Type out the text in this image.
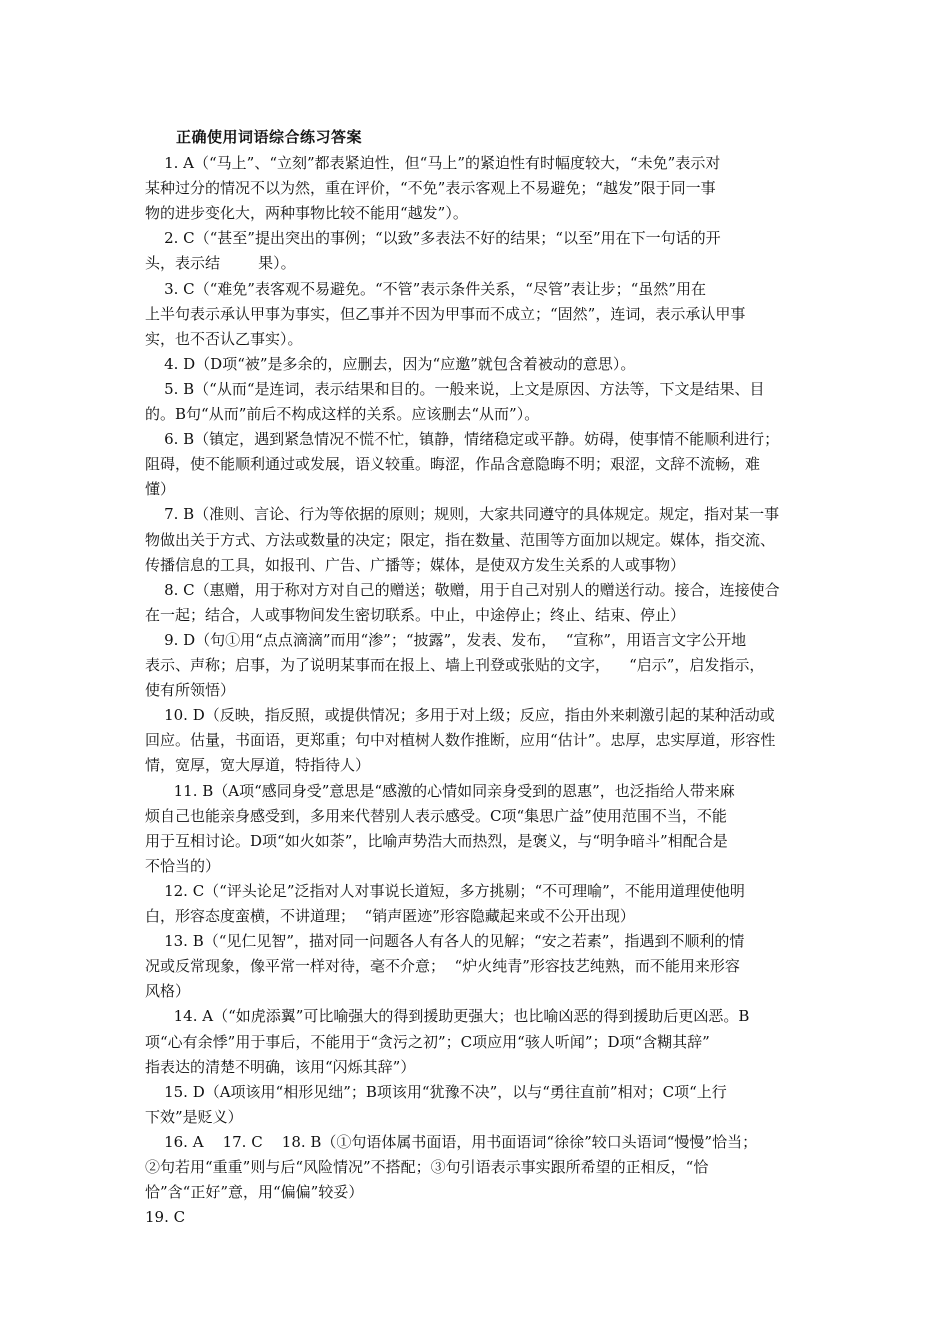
正确使用词语综合练习答案
1. A（“马上”、“立刻”都表紧迫性，但“马上”的紧迫性有时幅度较大，“未免”表示对
某种过分的情况不以为然，重在评价，“不免”表示客观上不易避免；“越发”限于同一事
物的进步变化大，两种事物比较不能用“越发”）。
2. C（“甚至”提出突出的事例；“以致”多表法不好的结果；“以至”用在下一句话的开
头，表示结        果）。
3. C（“难免”表客观不易避免。“不管”表示条件关系，“尽管”表让步；“虽然”用在
上半句表示承认甲事为事实，但乙事并不因为甲事而不成立；“固然”，连词，表示承认甲事
实，也不否认乙事实）。
4. D（D项“被”是多余的，应删去，因为“应邀”就包含着被动的意思）。
5. B（“从而“是连词，表示结果和目的。一般来说，上文是原因、方法等，下文是结果、目
的。B句“从而”前后不构成这样的关系。应该删去“从而”）。
6. B（镇定，遇到紧急情况不慌不忙，镇静，情绪稳定或平静。妨碍，使事情不能顺利进行；
阻碍，使不能顺利通过或发展，语义较重。晦涩，作品含意隐晦不明；艰涩，文辞不流畅，难
懂）
7. B（准则、言论、行为等依据的原则；规则，大家共同遵守的具体规定。规定，指对某一事
物做出关于方式、方法或数量的决定；限定，指在数量、范围等方面加以规定。媒体，指交流、
传播信息的工具，如报刊、广告、广播等；媒体，是使双方发生关系的人或事物）
8. C（惠赠，用于称对方对自己的赠送；敬赠，用于自己对别人的赠送行动。接合，连接使合
在一起；结合，人或事物间发生密切联系。中止，中途停止；终止、结束、停止）
9. D（句①用“点点滴滴”而用“渗”；“披露”，发表、发布，  “宣称”，用语言文字公开地
表示、声称；启事，为了说明某事而在报上、墙上刊登或张贴的文字，    “启示”，启发指示，
使有所领悟）
10. D（反映，指反照，或提供情况；多用于对上级；反应，指由外来刺激引起的某种活动或
回应。估量，书面语，更郑重；句中对植树人数作推断，应用“估计”。忠厚，忠实厚道，形容性
情，宽厚，宽大厚道，特指待人）
11. B（A项“感同身受”意思是“感激的心情如同亲身受到的恩惠”，也泛指给人带来麻
烦自己也能亲身感受到，多用来代替别人表示感受。C项“集思广益”使用范围不当，不能
用于互相讨论。D项“如火如荼”，比喻声势浩大而热烈，是褒义，与“明争暗斗”相配合是
不恰当的）
12. C（“评头论足”泛指对人对事说长道短，多方挑剔；“不可理喻”，不能用道理使他明
白，形容态度蛮横，不讲道理；  “销声匿迹”形容隐藏起来或不公开出现）
13. B（“见仁见智”，描对同一问题各人有各人的见解；“安之若素”，指遇到不顺利的情
况或反常现象，像平常一样对待，毫不介意；  “炉火纯青”形容技艺纯熟，而不能用来形容
风格）
14. A（“如虎添翼”可比喻强大的得到援助更强大；也比喻凶恶的得到援助后更凶恶。B
项“心有余悸”用于事后，不能用于“贪污之初”；C项应用“骇人听闻”；D项“含糊其辞”
指表达的清楚不明确，该用“闪烁其辞”）
15. D（A项该用“相形见绌”；B项该用“犹豫不决”，以与“勇往直前”相对；C项“上行
下效”是贬义）
16. A    17. C    18. B（①句语体属书面语，用书面语词“徐徐”较口头语词“慢慢”恰当；
②句若用“重重”则与后“风险情况”不搭配；③句引语表示事实跟所希望的正相反，“恰
恰”含“正好”意，用“偏偏”较妥）
19. C
